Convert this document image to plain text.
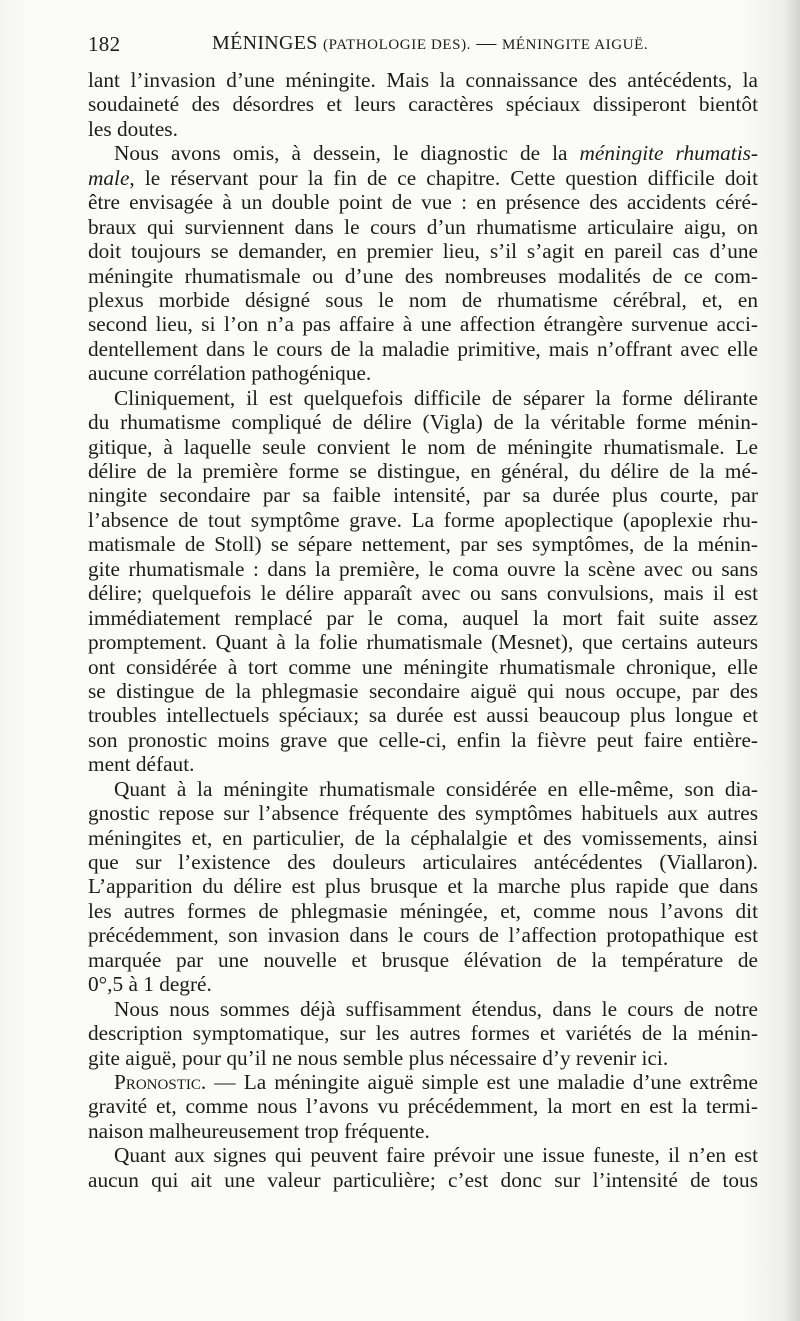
182	MÉNINGES (PATHOLOGIE DES). — MÉNINGITE AIGUË.
lant l’invasion d’une méningite. Mais la connaissance des antécédents, la
soudaineté des désordres et leurs caractères spéciaux dissiperont bientôt
les doutes.
Nous avons omis, à dessein, le diagnostic de la méningite rhumatis-
male, le réservant pour la fin de ce chapitre. Cette question difficile doit
être envisagée à un double point de vue : en présence des accidents céré-
braux qui surviennent dans le cours d’un rhumatisme articulaire aigu, on
doit toujours se demander, en premier lieu, s’il s’agit en pareil cas d’une
méningite rhumatismale ou d’une des nombreuses modalités de ce com-
plexus morbide désigné sous le nom de rhumatisme cérébral, et, en
second lieu, si l’on n’a pas affaire à une affection étrangère survenue acci-
dentellement dans le cours de la maladie primitive, mais n’offrant avec elle
aucune corrélation pathogénique.
Cliniquement, il est quelquefois difficile de séparer la forme délirante
du rhumatisme compliqué de délire (Vigla) de la véritable forme ménin-
gitique, à laquelle seule convient le nom de méningite rhumatismale. Le
délire de la première forme se distingue, en général, du délire de la mé-
ningite secondaire par sa faible intensité, par sa durée plus courte, par
l’absence de tout symptôme grave. La forme apoplectique (apoplexie rhu-
matismale de Stoll) se sépare nettement, par ses symptômes, de la ménin-
gite rhumatismale : dans la première, le coma ouvre la scène avec ou sans
délire; quelquefois le délire apparaît avec ou sans convulsions, mais il est
immédiatement remplacé par le coma, auquel la mort fait suite assez
promptement. Quant à la folie rhumatismale (Mesnet), que certains auteurs
ont considérée à tort comme une méningite rhumatismale chronique, elle
se distingue de la phlegmasie secondaire aiguë qui nous occupe, par des
troubles intellectuels spéciaux; sa durée est aussi beaucoup plus longue et
son pronostic moins grave que celle-ci, enfin la fièvre peut faire entière-
ment défaut.
Quant à la méningite rhumatismale considérée en elle-même, son dia-
gnostic repose sur l’absence fréquente des symptômes habituels aux autres
méningites et, en particulier, de la céphalalgie et des vomissements, ainsi
que sur l’existence des douleurs articulaires antécédentes (Viallaron).
L’apparition du délire est plus brusque et la marche plus rapide que dans
les autres formes de phlegmasie méningée, et, comme nous l’avons dit
précédemment, son invasion dans le cours de l’affection protopathique est
marquée par une nouvelle et brusque élévation de la température de
0°,5 à 1 degré.
Nous nous sommes déjà suffisamment étendus, dans le cours de notre
description symptomatique, sur les autres formes et variétés de la ménin-
gite aiguë, pour qu’il ne nous semble plus nécessaire d’y revenir ici.
Pronostic. — La méningite aiguë simple est une maladie d’une extrême
gravité et, comme nous l’avons vu précédemment, la mort en est la termi-
naison malheureusement trop fréquente.
Quant aux signes qui peuvent faire prévoir une issue funeste, il n’en est
aucun qui ait une valeur particulière; c’est donc sur l’intensité de tous
